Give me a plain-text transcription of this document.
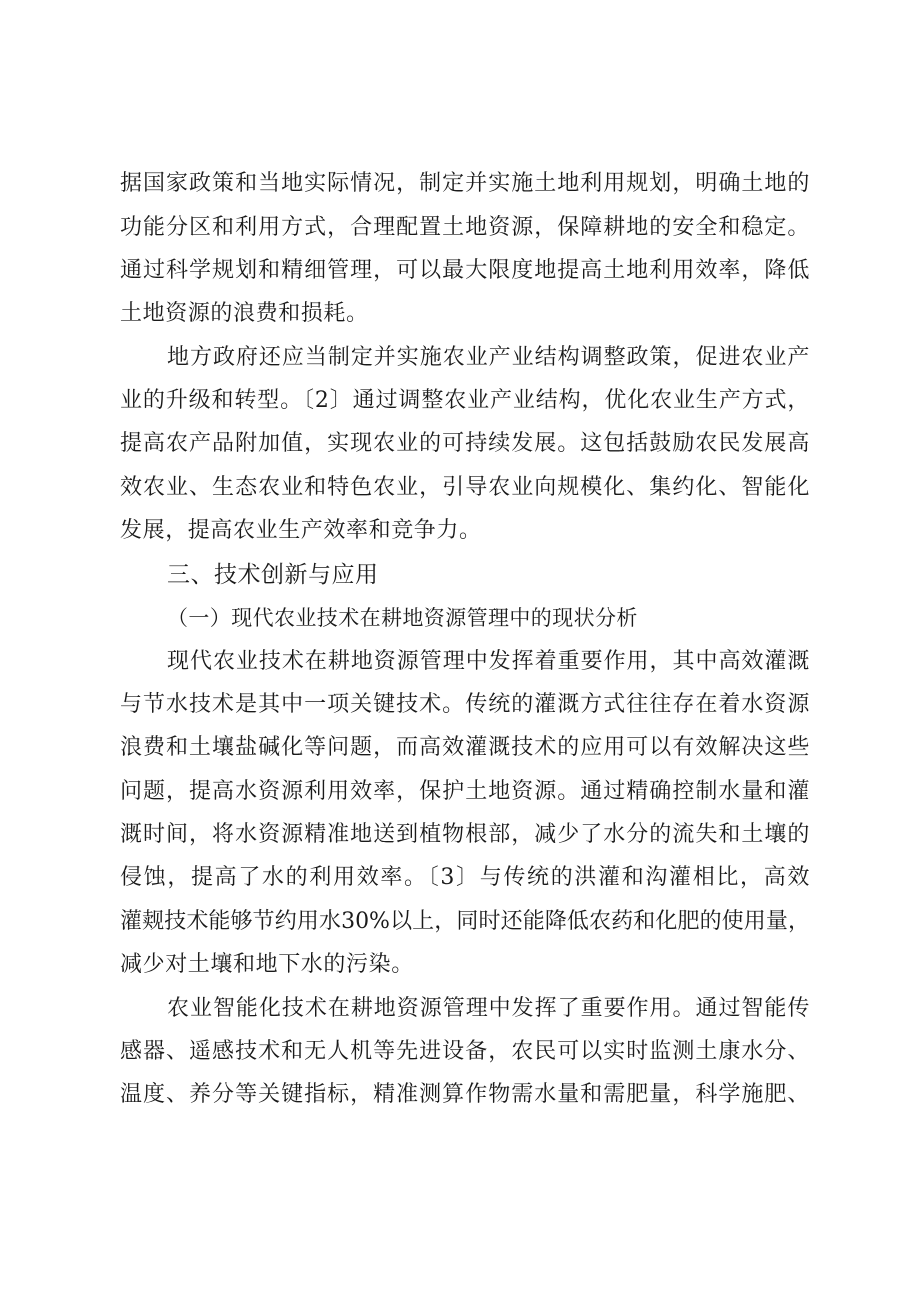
据国家政策和当地实际情况，制定并实施土地利用规划，明确土地的
功能分区和利用方式，合理配置土地资源，保障耕地的安全和稳定。
通过科学规划和精细管理，可以最大限度地提高土地利用效率，降低
土地资源的浪费和损耗。
地方政府还应当制定并实施农业产业结构调整政策，促进农业产
业的升级和转型。〔2〕通过调整农业产业结构，优化农业生产方式，
提高农产品附加值，实现农业的可持续发展。这包括鼓励农民发展高
效农业、生态农业和特色农业，引导农业向规模化、集约化、智能化
发展，提高农业生产效率和竞争力。
三、技术创新与应用
（一）现代农业技术在耕地资源管理中的现状分析
现代农业技术在耕地资源管理中发挥着重要作用，其中高效灌溉
与节水技术是其中一项关键技术。传统的灌溉方式往往存在着水资源
浪费和土壤盐碱化等问题，而高效灌溉技术的应用可以有效解决这些
问题，提高水资源利用效率，保护土地资源。通过精确控制水量和灌
溉时间，将水资源精准地送到植物根部，减少了水分的流失和土壤的
侵蚀，提高了水的利用效率。〔3〕与传统的洪灌和沟灌相比，高效
灌觌技术能够节约用水30%以上，同时还能降低农药和化肥的使用量，
减少对土壤和地下水的污染。
农业智能化技术在耕地资源管理中发挥了重要作用。通过智能传
感器、遥感技术和无人机等先进设备，农民可以实时监测土康水分、
温度、养分等关键指标，精准测算作物需水量和需肥量，科学施肥、
